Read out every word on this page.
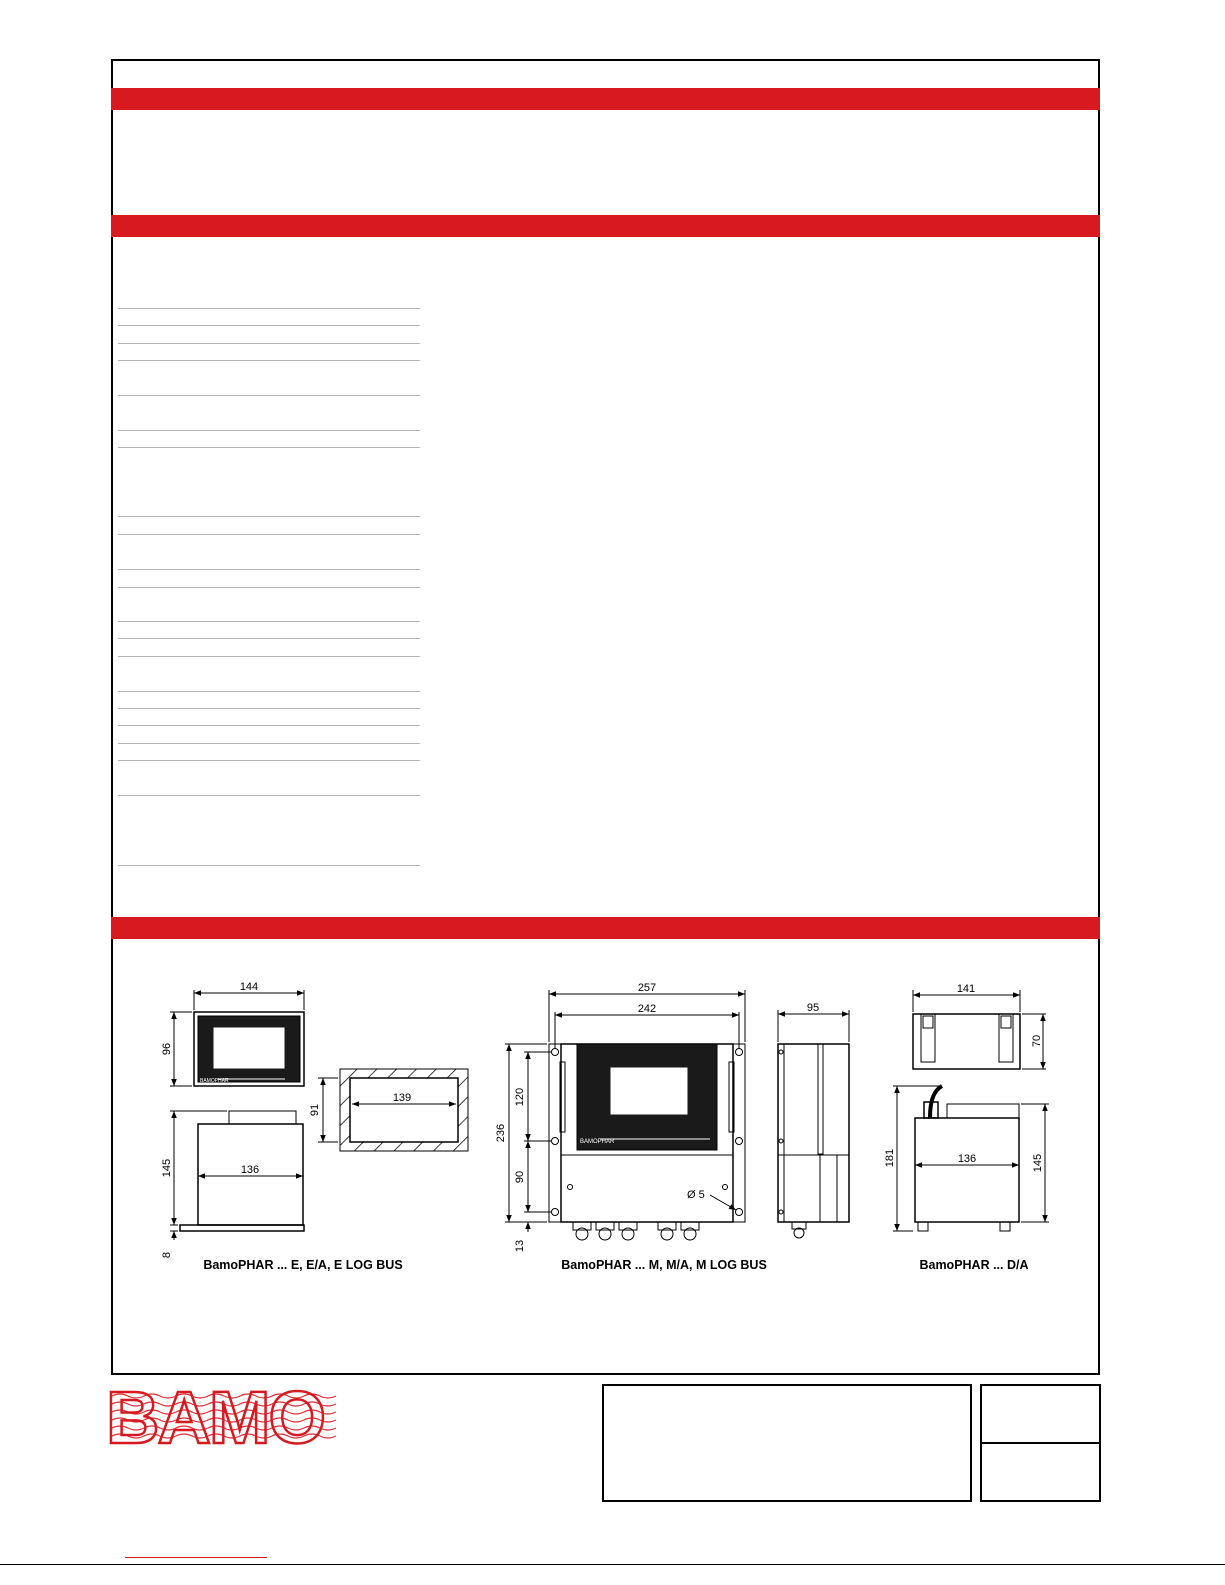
BAMOPHAR
144
96
139
91
136
145
8
BamoPHAR ... E, E/A, E LOG BUS
BAMOPHAR
257
242
236
120
90
13
Ø 5
95
BamoPHAR ... M, M/A, M LOG BUS
141
70
136
181	145
BamoPHAR ... D/A
BAMO
